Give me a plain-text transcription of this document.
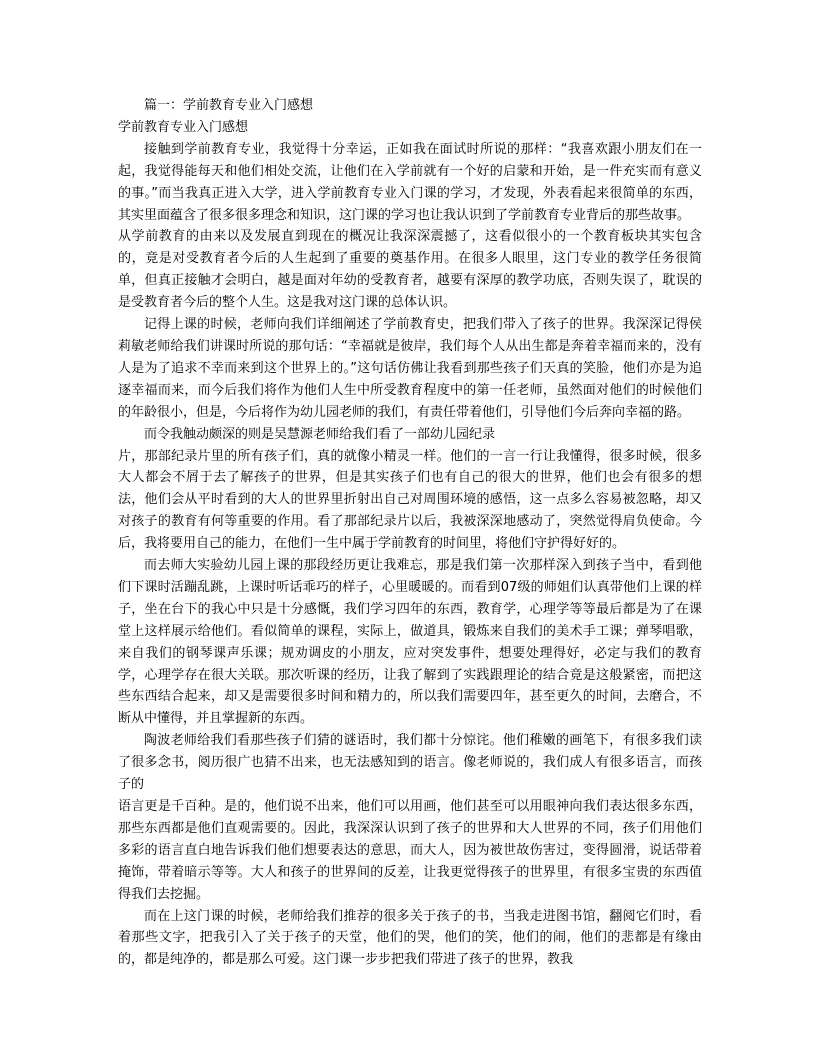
篇一：学前教育专业入门感想

学前教育专业入门感想

接触到学前教育专业，我觉得十分幸运，正如我在面试时所说的那样：“我喜欢跟小朋友们在一起，我觉得能每天和他们相处交流，让他们在入学前就有一个好的启蒙和开始，是一件充实而有意义的事。”而当我真正进入大学，进入学前教育专业入门课的学习，才发现，外表看起来很简单的东西，其实里面蕴含了很多很多理念和知识，这门课的学习也让我认识到了学前教育专业背后的那些故事。

从学前教育的由来以及发展直到现在的概况让我深深震撼了，这看似很小的一个教育板块其实包含的，竟是对受教育者今后的人生起到了重要的奠基作用。在很多人眼里，这门专业的教学任务很简单，但真正接触才会明白，越是面对年幼的受教育者，越要有深厚的教学功底，否则失误了，耽误的是受教育者今后的整个人生。这是我对这门课的总体认识。

记得上课的时候，老师向我们详细阐述了学前教育史，把我们带入了孩子的世界。我深深记得侯莉敏老师给我们讲课时所说的那句话：“幸福就是彼岸，我们每个人从出生都是奔着幸福而来的，没有人是为了追求不幸而来到这个世界上的。”这句话仿佛让我看到那些孩子们天真的笑脸，他们亦是为追逐幸福而来，而今后我们将作为他们人生中所受教育程度中的第一任老师，虽然面对他们的时候他们的年龄很小，但是，今后将作为幼儿园老师的我们，有责任带着他们，引导他们今后奔向幸福的路。

而令我触动颇深的则是吴慧源老师给我们看了一部幼儿园纪录

片，那部纪录片里的所有孩子们，真的就像小精灵一样。他们的一言一行让我懂得，很多时候，很多大人都会不屑于去了解孩子的世界，但是其实孩子们也有自己的很大的世界，他们也会有很多的想法，他们会从平时看到的大人的世界里折射出自己对周围环境的感悟，这一点多么容易被忽略，却又对孩子的教育有何等重要的作用。看了那部纪录片以后，我被深深地感动了，突然觉得肩负使命。今后，我将要用自己的能力，在他们一生中属于学前教育的时间里，将他们守护得好好的。

而去师大实验幼儿园上课的那段经历更让我难忘，那是我们第一次那样深入到孩子当中，看到他们下课时活蹦乱跳，上课时听话乖巧的样子，心里暖暖的。而看到07级的师姐们认真带他们上课的样子，坐在台下的我心中只是十分感慨，我们学习四年的东西，教育学，心理学等等最后都是为了在课堂上这样展示给他们。看似简单的课程，实际上，做道具，锻炼来自我们的美术手工课；弹琴唱歌，来自我们的钢琴课声乐课；规劝调皮的小朋友，应对突发事件，想要处理得好，必定与我们的教育学，心理学存在很大关联。那次听课的经历，让我了解到了实践跟理论的结合竟是这般紧密，而把这些东西结合起来，却又是需要很多时间和精力的，所以我们需要四年，甚至更久的时间，去磨合，不断从中懂得，并且掌握新的东西。

陶波老师给我们看那些孩子们猜的谜语时，我们都十分惊诧。他们稚嫩的画笔下，有很多我们读了很多念书，阅历很广也猜不出来，也无法感知到的语言。像老师说的，我们成人有很多语言，而孩子的

语言更是千百种。是的，他们说不出来，他们可以用画，他们甚至可以用眼神向我们表达很多东西，那些东西都是他们直观需要的。因此，我深深认识到了孩子的世界和大人世界的不同，孩子们用他们多彩的语言直白地告诉我们他们想要表达的意思，而大人，因为被世故伤害过，变得圆滑，说话带着掩饰，带着暗示等等。大人和孩子的世界间的反差，让我更觉得孩子的世界里，有很多宝贵的东西值得我们去挖掘。

而在上这门课的时候，老师给我们推荐的很多关于孩子的书，当我走进图书馆，翻阅它们时，看着那些文字，把我引入了关于孩子的天堂，他们的哭，他们的笑，他们的闹，他们的悲都是有缘由的，都是纯净的，都是那么可爱。这门课一步步把我们带进了孩子的世界，教我
